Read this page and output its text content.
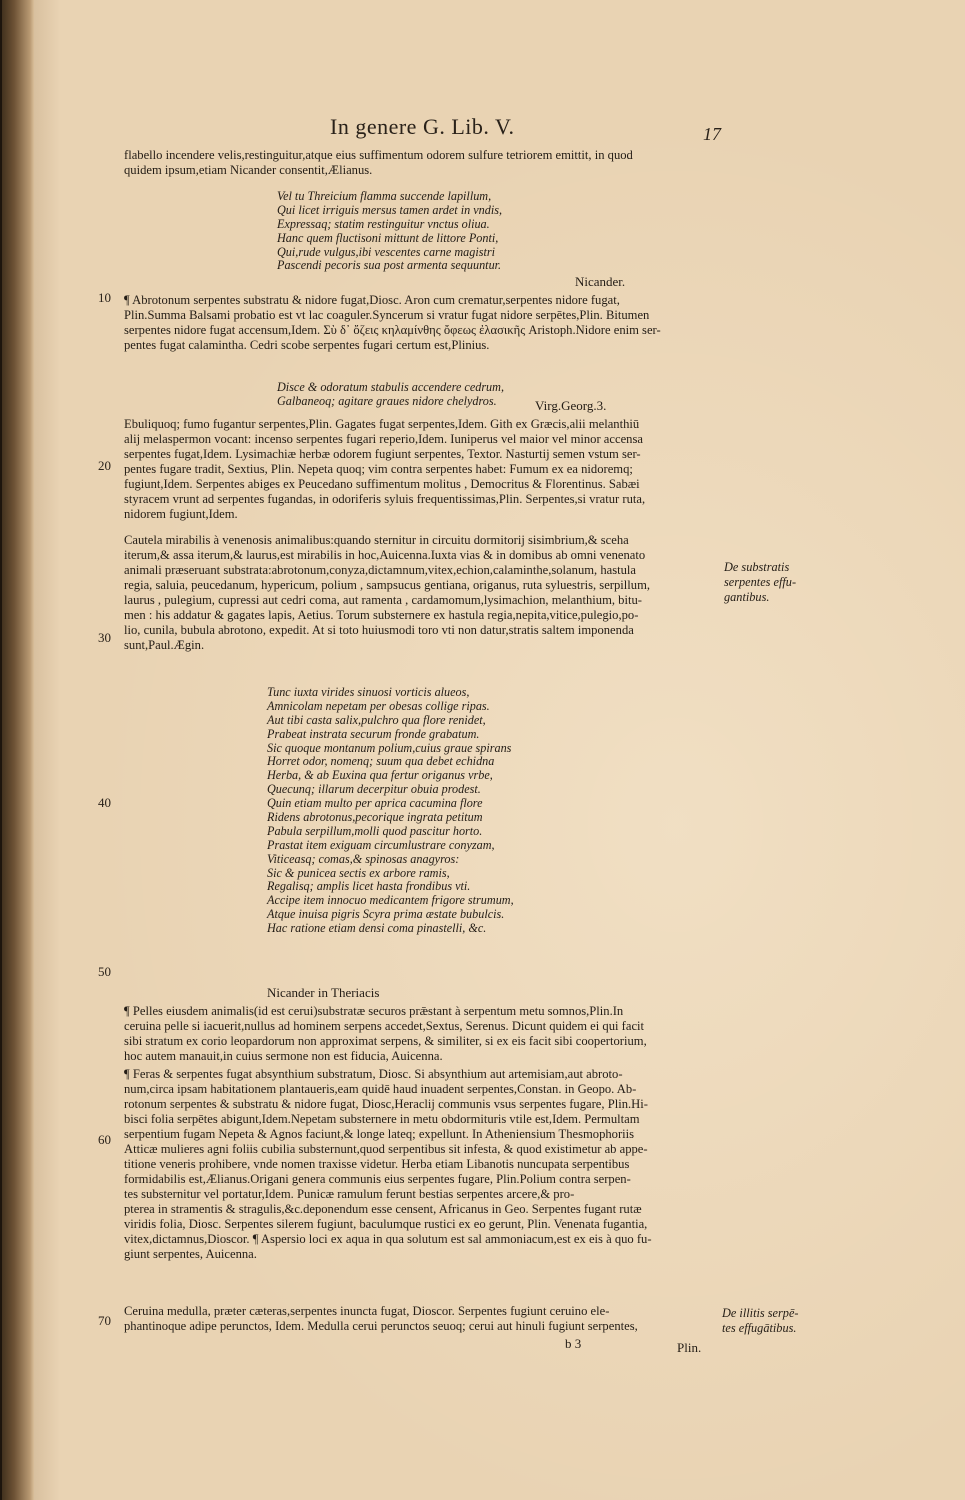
In genere G. Lib. V.	17
10
20
30
40
50
60
70
flabello incendere velis,restinguitur,atque eius suffimentum odorem sulfure tetriorem emittit, in quod
quidem ipsum,etiam Nicander consentit,Ælianus.
Vel tu Threicium flamma succende lapillum,
Qui licet irriguis mersus tamen ardet in vndis,
Expressaq; statim restinguitur vnctus oliua.
Hanc quem fluctisoni mittunt de littore Ponti,
Qui,rude vulgus,ibi vescentes carne magistri
Pascendi pecoris sua post armenta sequuntur.
Nicander.
¶ Abrotonum serpentes substratu & nidore fugat,Diosc. Aron cum crematur,serpentes nidore fugat,
Plin.Summa Balsami probatio est vt lac coaguler.Syncerum si vratur fugat nidore serpētes,Plin. Bitumen
serpentes nidore fugat accensum,Idem. Σὺ δ᾽ ὄζεις κηλαμίνθης ὄφεως ἐλασικῆς Aristoph.Nidore enim ser-
pentes fugat calamintha. Cedri scobe serpentes fugari certum est,Plinius.
Disce & odoratum stabulis accendere cedrum,
Galbaneoq; agitare graues nidore chelydros.	Virg.Georg.3.
Ebuliquoq; fumo fugantur serpentes,Plin. Gagates fugat serpentes,Idem. Gith ex Græcis,alii melanthiū
alij melaspermon vocant: incenso serpentes fugari reperio,Idem. Iuniperus vel maior vel minor accensa
serpentes fugat,Idem. Lysimachiæ herbæ odorem fugiunt serpentes, Textor. Nasturtij semen vstum ser-
pentes fugare tradit, Sextius, Plin. Nepeta quoq; vim contra serpentes habet: Fumum ex ea nidoremq;
fugiunt,Idem. Serpentes abiges ex Peucedano suffimentum molitus , Democritus & Florentinus. Sabæi
styracem vrunt ad serpentes fugandas, in odoriferis syluis frequentissimas,Plin. Serpentes,si vratur ruta,
nidorem fugiunt,Idem.
Cautela mirabilis à venenosis animalibus:quando sternitur in circuitu dormitorij sisimbrium,& sceha
iterum,& assa iterum,& laurus,est mirabilis in hoc,Auicenna.Iuxta vias & in domibus ab omni venenato
animali præseruant substrata:abrotonum,conyza,dictamnum,vitex,echion,calaminthe,solanum, hastula
regia, saluia, peucedanum, hypericum, polium , sampsucus gentiana, origanus, ruta syluestris, serpillum,
laurus , pulegium, cupressi aut cedri coma, aut ramenta , cardamomum,lysimachion, melanthium, bitu-
men : his addatur & gagates lapis, Aetius. Torum substernere ex hastula regia,nepita,vitice,pulegio,po-
lio, cunila, bubula abrotono, expedit. At si toto huiusmodi toro vti non datur,stratis saltem imponenda
sunt,Paul.Ægin.
De substratis
serpentes effu-
gantibus.
Tunc iuxta virides sinuosi vorticis alueos,
Amnicolam nepetam per obesas collige ripas.
Aut tibi casta salix,pulchro qua flore renidet,
Prabeat instrata securum fronde grabatum.
Sic quoque montanum polium,cuius graue spirans
Horret odor, nomenq; suum qua debet echidna
Herba, & ab Euxina qua fertur origanus vrbe,
Quecunq; illarum decerpitur obuia prodest.
Quin etiam multo per aprica cacumina flore
Ridens abrotonus,pecorique ingrata petitum
Pabula serpillum,molli quod pascitur horto.
Prastat item exiguam circumlustrare conyzam,
Viticeasq; comas,& spinosas anagyros:
Sic & punicea sectis ex arbore ramis,
Regalisq; amplis licet hasta frondibus vti.
Accipe item innocuo medicantem frigore strumum,
Atque inuisa pigris Scyra prima æstate bubulcis.
Hac ratione etiam densi coma pinastelli, &c.
Nicander in Theriacis
¶ Pelles eiusdem animalis(id est cerui)substratæ securos prǣstant à serpentum metu somnos,Plin.In
ceruina pelle si iacuerit,nullus ad hominem serpens accedet,Sextus, Serenus. Dicunt quidem ei qui facit
sibi stratum ex corio leopardorum non approximat serpens, & similiter, si ex eis facit sibi coopertorium,
hoc autem manauit,in cuius sermone non est fiducia, Auicenna.
¶ Feras & serpentes fugat absynthium substratum, Diosc. Si absynthium aut artemisiam,aut abroto-
num,circa ipsam habitationem plantaueris,eam quidē haud inuadent serpentes,Constan. in Geopo. Ab-
rotonum serpentes & substratu & nidore fugat, Diosc,Heraclij communis vsus serpentes fugare, Plin.Hi-
bisci folia serpētes abigunt,Idem.Nepetam substernere in metu obdormituris vtile est,Idem. Permultam
serpentium fugam Nepeta & Agnos faciunt,& longe lateq; expellunt. In Atheniensium Thesmophoriis
Atticæ mulieres agni foliis cubilia substernunt,quod serpentibus sit infesta, & quod existimetur ab appe-
titione veneris prohibere, vnde nomen traxisse videtur. Herba etiam Libanotis nuncupata serpentibus
formidabilis est,Ælianus.Origani genera communis eius serpentes fugare, Plin.Polium contra serpen-
tes substernitur vel portatur,Idem. Punicæ ramulum ferunt bestias serpentes arcere,& pro-
pterea in stramentis & stragulis,&c.deponendum esse censent, Africanus in Geo. Serpentes fugant rutæ
viridis folia, Diosc. Serpentes silerem fugiunt, baculumque rustici ex eo gerunt, Plin. Venenata fugantia,
vitex,dictamnus,Dioscor. ¶ Aspersio loci ex aqua in qua solutum est sal ammoniacum,est ex eis à quo fu-
giunt serpentes, Auicenna.
Ceruina medulla, præter cæteras,serpentes inuncta fugat, Dioscor. Serpentes fugiunt ceruino ele-
phantinoque adipe perunctos, Idem. Medulla cerui perunctos seuoq; cerui aut hinuli fugiunt serpentes,
De illitis serpē-
tes effugātibus.
b 3	Plin.
